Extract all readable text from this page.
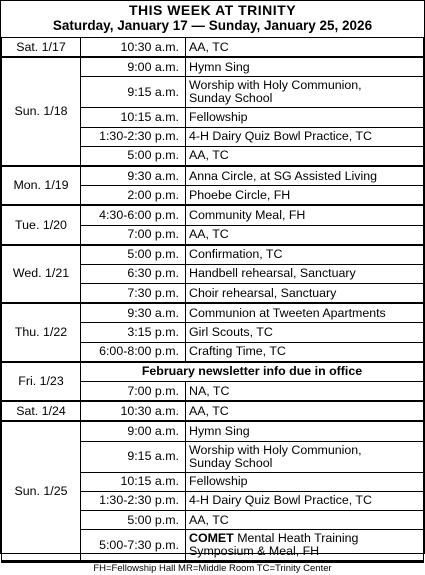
THIS WEEK AT TRINITY
Saturday, January 17 — Sunday, January 25, 2026
Sat. 1/17	10:30 a.m.	AA, TC

Sun. 1/18	9:00 a.m.	Hymn Sing

	9:15 a.m.	Worship with Holy Communion,
Sunday School

	10:15 a.m.	Fellowship

	1:30-2:30 p.m.	4-H Dairy Quiz Bowl Practice, TC

	5:00 p.m.	AA, TC

Mon. 1/19	9:30 a.m.	Anna Circle, at SG Assisted Living

	2:00 p.m.	Phoebe Circle, FH

Tue. 1/20	4:30-6:00 p.m.	Community Meal, FH

	7:00 p.m.	AA, TC

Wed. 1/21	5:00 p.m.	Confirmation, TC

	6:30 p.m.	Handbell rehearsal, Sanctuary

	7:30 p.m.	Choir rehearsal, Sanctuary

Thu. 1/22	9:30 a.m.	Communion at Tweeten Apartments

	3:15 p.m.	Girl Scouts, TC

	6:00-8:00 p.m.	Crafting Time, TC

Fri. 1/23	February newsletter info due in office	
	7:00 p.m.	NA, TC

Sat. 1/24	10:30 a.m.	AA, TC

Sun. 1/25	9:00 a.m.	Hymn Sing

	9:15 a.m.	Worship with Holy Communion,
Sunday School

	10:15 a.m.	Fellowship

	1:30-2:30 p.m.	4-H Dairy Quiz Bowl Practice, TC

	5:00 p.m.	AA, TC

	5:00-7:30 p.m.	COMET Mental Heath Training
Symposium & Meal, FH
FH=Fellowship Hall MR=Middle Room TC=Trinity Center
